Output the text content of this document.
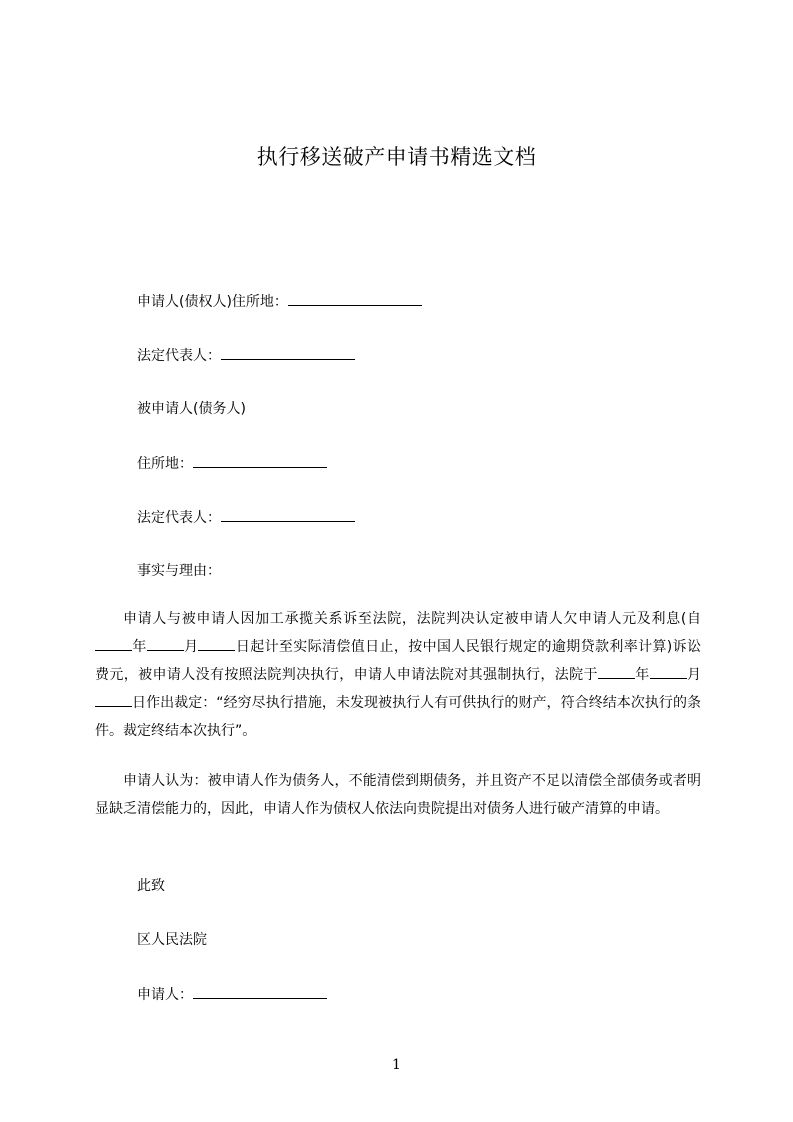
执行移送破产申请书精选文档
申请人(债权人)住所地：
法定代表人：
被申请人(债务人)
住所地：
法定代表人：
事实与理由：

申请人与被申请人因加工承揽关系诉至法院，法院判决认定被申请人欠申请人元及利息(自年	月	日起计至实际清偿值日止，按中国人民银行规定的逾期贷款利率计算)诉讼费元，被申请人没有按照法院判决执行，申请人申请法院对其强制执行，法院于	年	月日作出裁定：“经穷尽执行措施，未发现被执行人有可供执行的财产，符合终结本次执行的条件。裁定终结本次执行”。

申请人认为：被申请人作为债务人，不能清偿到期债务，并且资产不足以清偿全部债务或者明显缺乏清偿能力的，因此，申请人作为债权人依法向贵院提出对债务人进行破产清算的申请。

此致
区人民法院
申请人：
1
